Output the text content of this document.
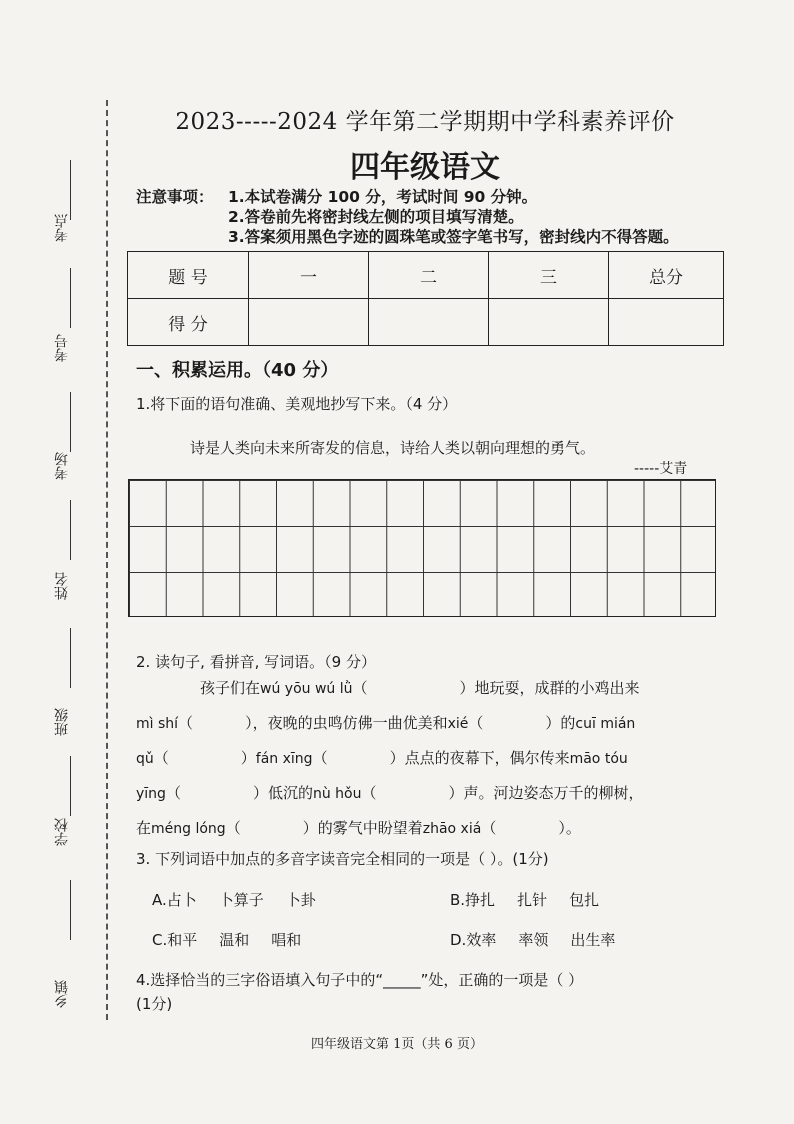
考点
考号
考场
姓名
班级
学校
乡镇
2023-----2024 学年第二学期期中学科素养评价
四年级语文
注意事项： 1.本试卷满分 100 分，考试时间 90 分钟。
2.答卷前先将密封线左侧的项目填写清楚。
3.答案须用黑色字迹的圆珠笔或签字笔书写，密封线内不得答题。
题 号	一	二	三	总分
得 分				
一、积累运用。（40 分）
1.将下面的语句准确、美观地抄写下来。（4 分）
诗是人类向未来所寄发的信息，诗给人类以朝向理想的勇气。
-----艾青
2. 读句子, 看拼音, 写词语。（9 分）
孩子们在wú yōu wú lǜ（	）地玩耍，成群的小鸡出来
mì shí（	），夜晚的虫鸣仿佛一曲优美和xié（	）的cuī mián
qǔ（	）fán xīng（	）点点的夜幕下，偶尔传来māo tóu
yīng（	）低沉的nù hǒu（	）声。河边姿态万千的柳树，
在méng lóng（	）的雾气中盼望着zhāo xiá（	）。
3. 下列词语中加点的多音字读音完全相同的一项是（ ）。(1分)
A.占卜 卜算子 卜卦	B.挣扎 扎针 包扎
C.和平 温和 唱和	D.效率 率领 出生率
4.选择恰当的三字俗语填入句子中的“_____”处，正确的一项是（ ）
(1分)
四年级语文第 1页（共 6 页）
